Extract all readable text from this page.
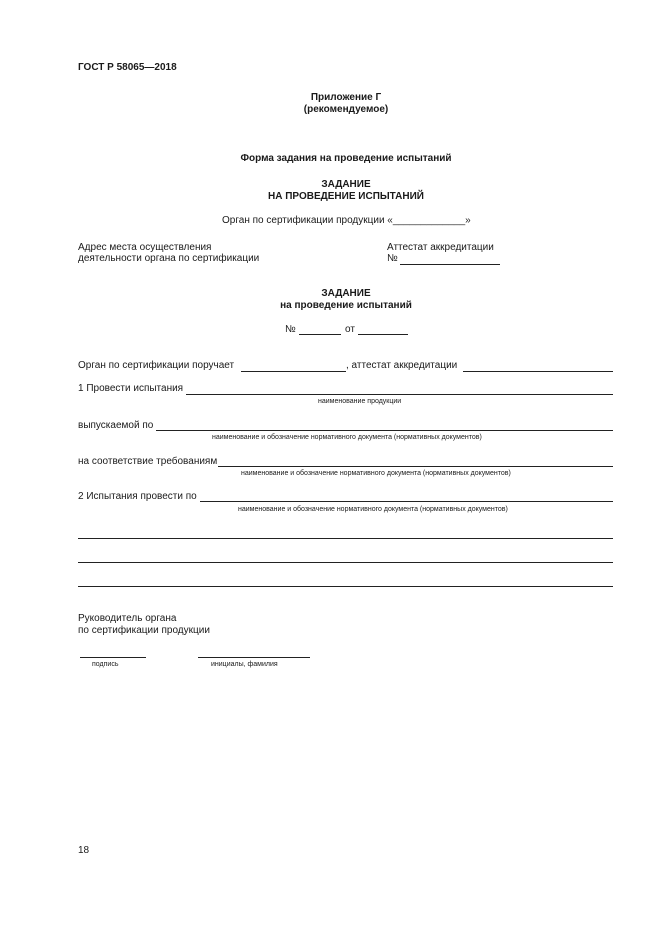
ГОСТ Р 58065—2018
Приложение Г
(рекомендуемое)
Форма задания на проведение испытаний
ЗАДАНИЕ
НА ПРОВЕДЕНИЕ ИСПЫТАНИЙ
Орган по сертификации продукции «_____________»
Адрес места осуществления
деятельности органа по сертификации
Аттестат аккредитации
№
ЗАДАНИЕ
на проведение испытаний
№	от
Орган по сертификации поручает	, аттестат аккредитации
1 Провести испытания
наименование продукции
выпускаемой по
наименование и обозначение нормативного документа (нормативных документов)
на соответствие требованиям
наименование и обозначение нормативного документа (нормативных документов)
2 Испытания провести по
наименование и обозначение нормативного документа (нормативных документов)
Руководитель органа
по сертификации продукции
подпись	инициалы, фамилия
18
